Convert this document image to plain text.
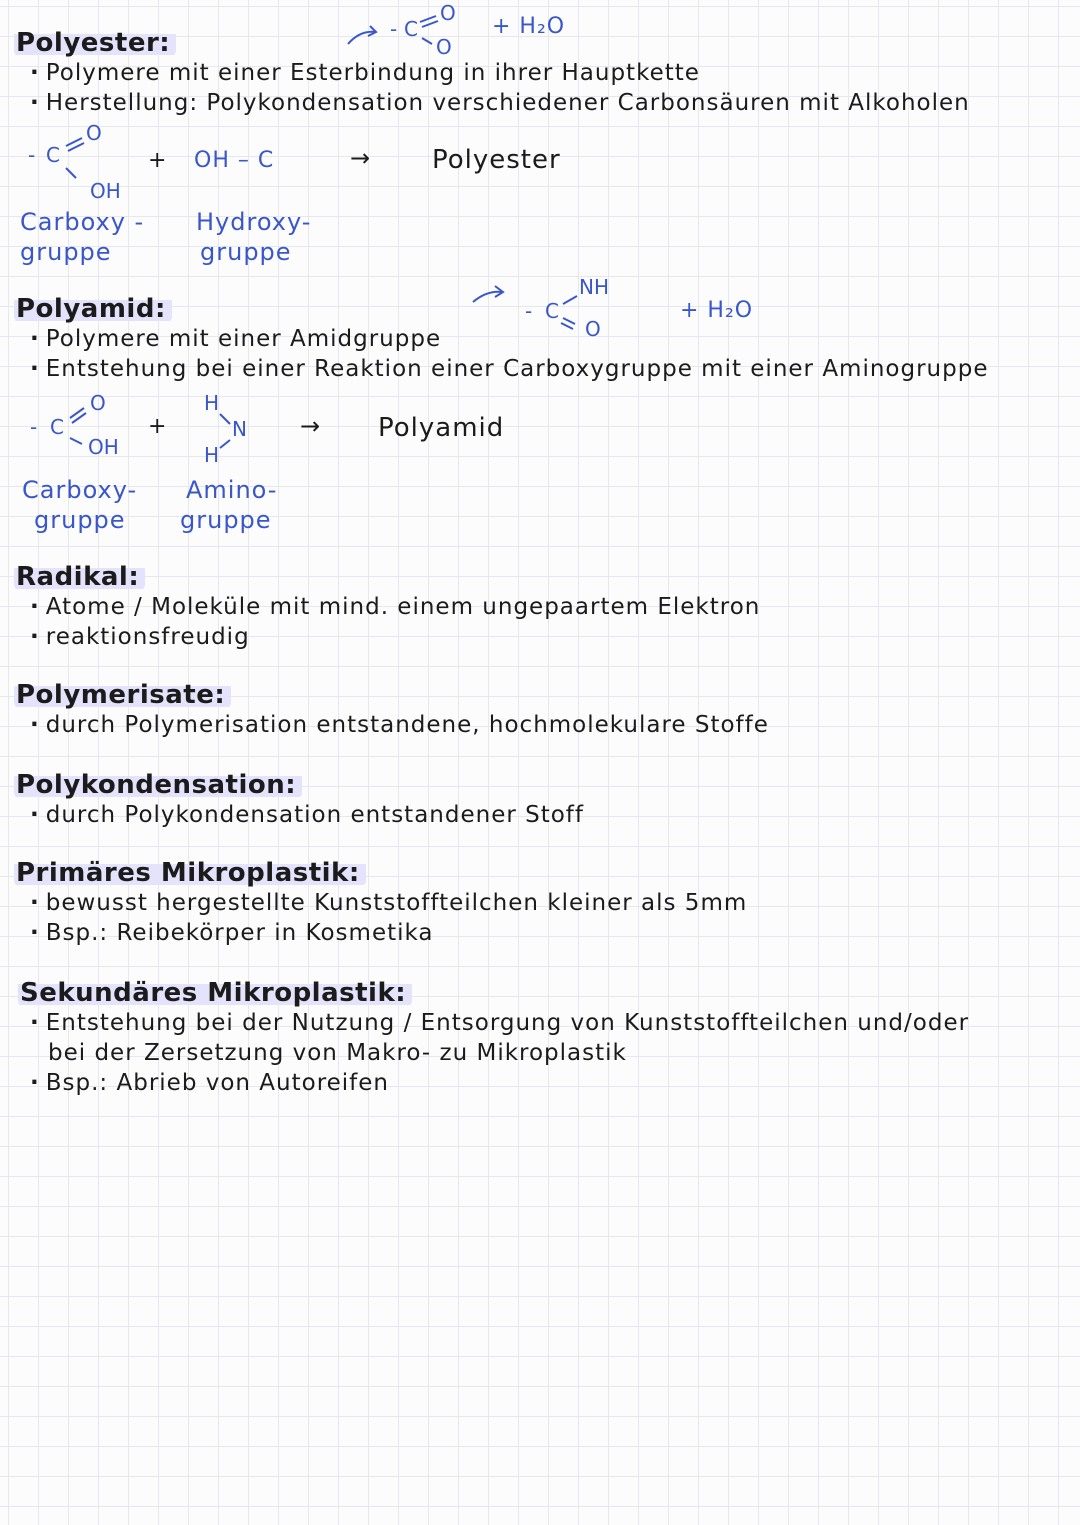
Polyester:	- C
O
O
+ H₂O
· Polymere mit einer Esterbindung in ihrer Hauptkette
· Herstellung: Polykondensation verschiedener Carbonsäuren mit Alkoholen
- C
O
OH
+ OH – C	→ Polyester
Carboxy -
gruppe
Hydroxy-
gruppe
Polyamid:	- C
NH
O
+ H₂O
· Polymere mit einer Amidgruppe
· Entstehung bei einer Reaktion einer Carboxygruppe mit einer Aminogruppe
- C
O
OH
+
H
N
H
→ Polyamid
Carboxy-
gruppe
Amino-
gruppe
Radikal:
· Atome / Moleküle mit mind. einem ungepaartem Elektron
· reaktionsfreudig
Polymerisate:
· durch Polymerisation entstandene, hochmolekulare Stoffe
Polykondensation:
· durch Polykondensation entstandener Stoff
Primäres Mikroplastik:
· bewusst hergestellte Kunststoffteilchen kleiner als 5mm
· Bsp.: Reibekörper in Kosmetika
Sekundäres Mikroplastik:
· Entstehung bei der Nutzung / Entsorgung von Kunststoffteilchen und/oder
bei der Zersetzung von Makro- zu Mikroplastik
· Bsp.: Abrieb von Autoreifen
